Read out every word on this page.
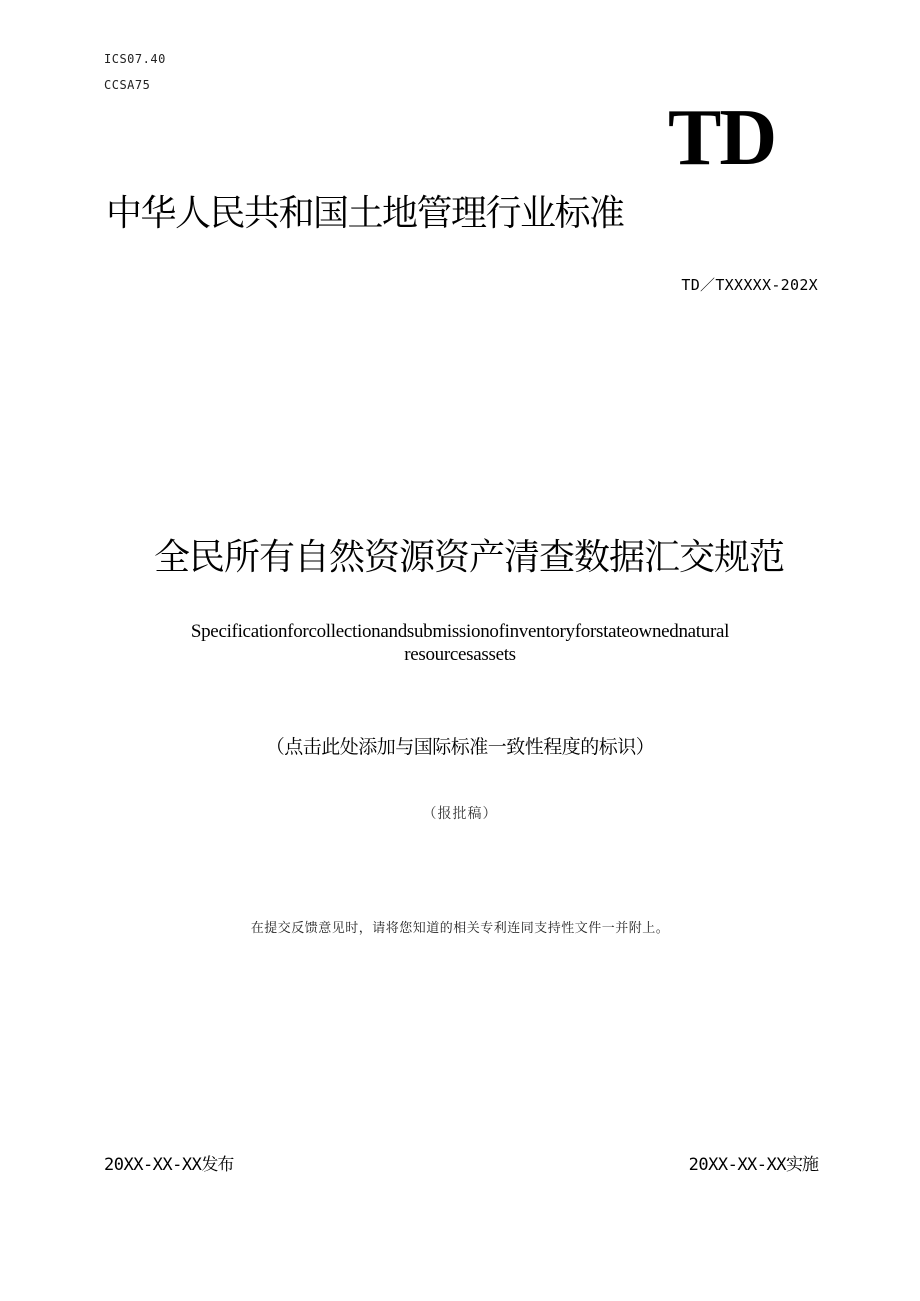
ICS07.40
CCSA75
TD
中华人民共和国土地管理行业标准
TD／TXXXXX-202X
全民所有自然资源资产清查数据汇交规范
Specificationforcollectionandsubmissionofinventoryforstateownednatural
resourcesassets
（点击此处添加与国际标准一致性程度的标识）
（报批稿）
在提交反馈意见时，请将您知道的相关专利连同支持性文件一并附上。
20XX-XX-XX发布	20XX-XX-XX实施
